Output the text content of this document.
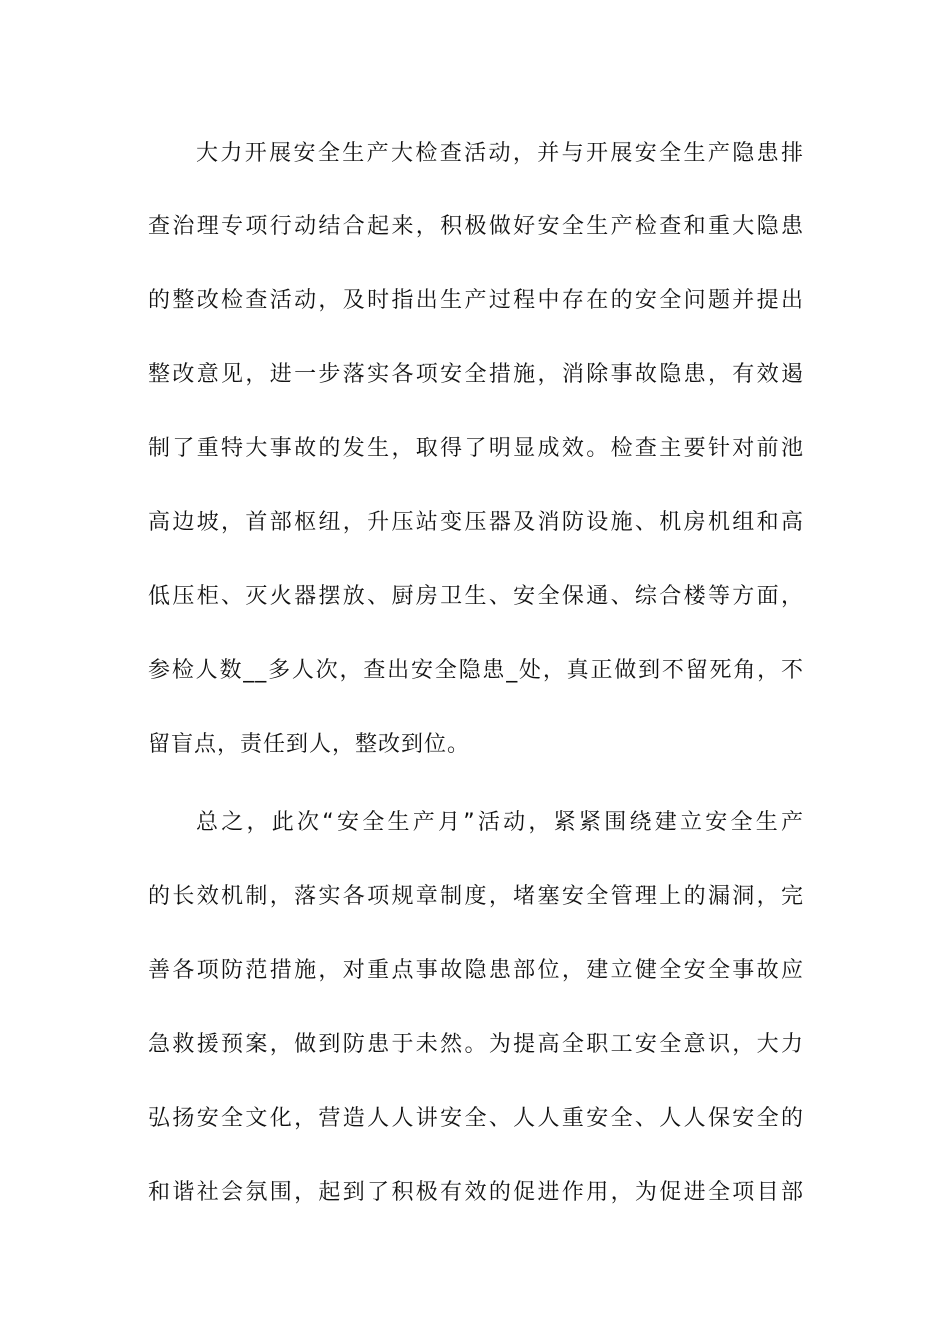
大力开展安全生产大检查活动，并与开展安全生产隐患排
查治理专项行动结合起来，积极做好安全生产检查和重大隐患
的整改检查活动，及时指出生产过程中存在的安全问题并提出
整改意见，进一步落实各项安全措施，消除事故隐患，有效遏
制了重特大事故的发生，取得了明显成效。检查主要针对前池
高边坡，首部枢纽，升压站变压器及消防设施、机房机组和高
低压柜、灭火器摆放、厨房卫生、安全保通、综合楼等方面，
参检人数__多人次，查出安全隐患_处，真正做到不留死角，不
留盲点，责任到人，整改到位。
总之，此次“安全生产月”活动，紧紧围绕建立安全生产
的长效机制，落实各项规章制度，堵塞安全管理上的漏洞，完
善各项防范措施，对重点事故隐患部位，建立健全安全事故应
急救援预案，做到防患于未然。为提高全职工安全意识，大力
弘扬安全文化，营造人人讲安全、人人重安全、人人保安全的
和谐社会氛围，起到了积极有效的促进作用，为促进全项目部
